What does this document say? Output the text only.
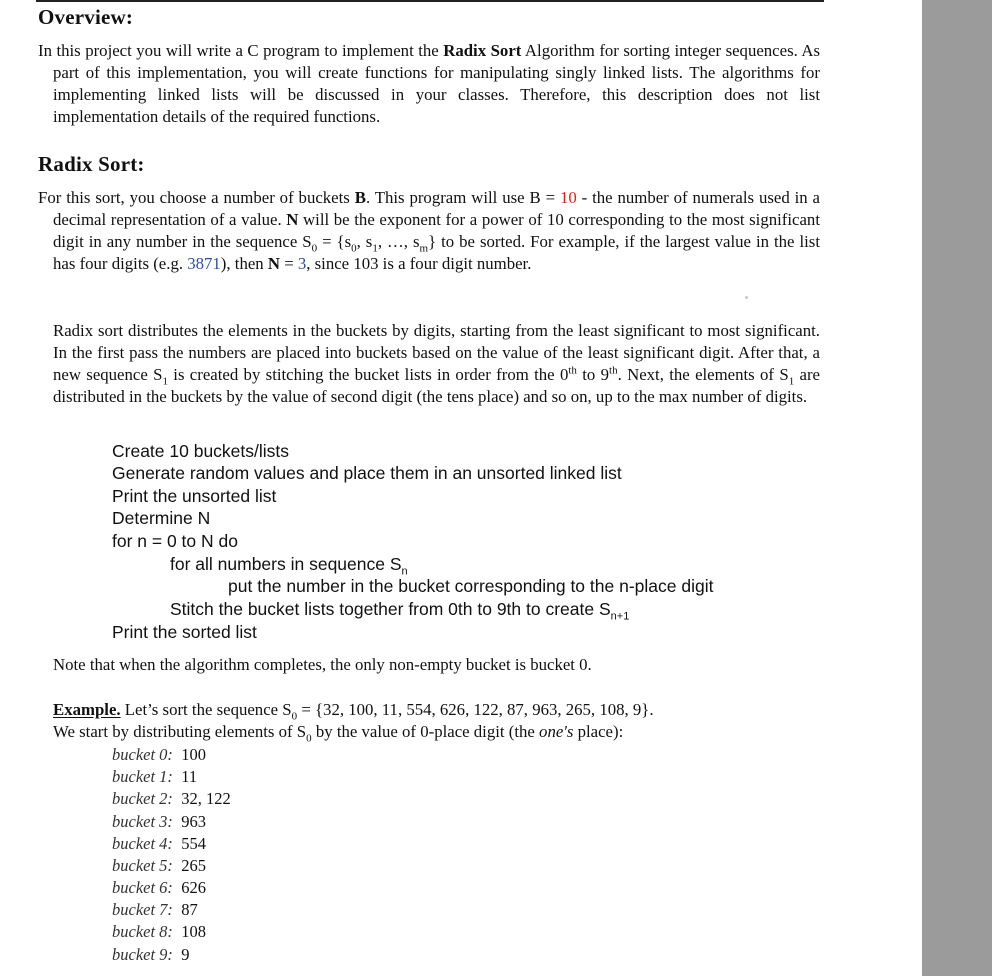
Overview:

In this project you will write a C program to implement the Radix Sort Algorithm for sorting integer sequences. As part of this implementation, you will create functions for manipulating singly linked lists. The algorithms for implementing linked lists will be discussed in your classes. Therefore, this description does not list implementation details of the required functions.

Radix Sort:

For this sort, you choose a number of buckets B. This program will use B = 10 - the number of numerals used in a decimal representation of a value. N will be the exponent for a power of 10 corresponding to the most significant digit in any number in the sequence $S_0 = \{s_0$, $s_1$, …, $s_m$} to be sorted. For example, if the largest value in the list has four digits (e.g. 3871), then N = 3, since 103 is a four digit number.

Radix sort distributes the elements in the buckets by digits, starting from the least significant to most significant. In the first pass the numbers are placed into buckets based on the value of the least significant digit. After that, a new sequence $S_1$ is created by stitching the bucket lists in order from the 0th to 9th. Next, the elements of $S_1$ are distributed in the buckets by the value of second digit (the tens place) and so on, up to the max number of digits.

Create 10 buckets/lists
Generate random values and place them in an unsorted linked list
Print the unsorted list
Determine N
for n = 0 to N do
for all numbers in sequence $S_n$
put the number in the bucket corresponding to the n-place digit
Stitch the bucket lists together from 0th to 9th to create $S_{n+1}$
Print the sorted list
Note that when the algorithm completes, the only non-empty bucket is bucket 0.
Example. Let’s sort the sequence $S_0 = \{32$, 100, 11, 554, 626, 122, 87, 963, 265, 108, 9}.
We start by distributing elements of $S_0$ by the value of 0-place digit (the one's place):
bucket 0: 100
bucket 1: 11
bucket 2: 32, 122
bucket 3: 963
bucket 4: 554
bucket 5: 265
bucket 6: 626
bucket 7: 87
bucket 8: 108
bucket 9: 9
